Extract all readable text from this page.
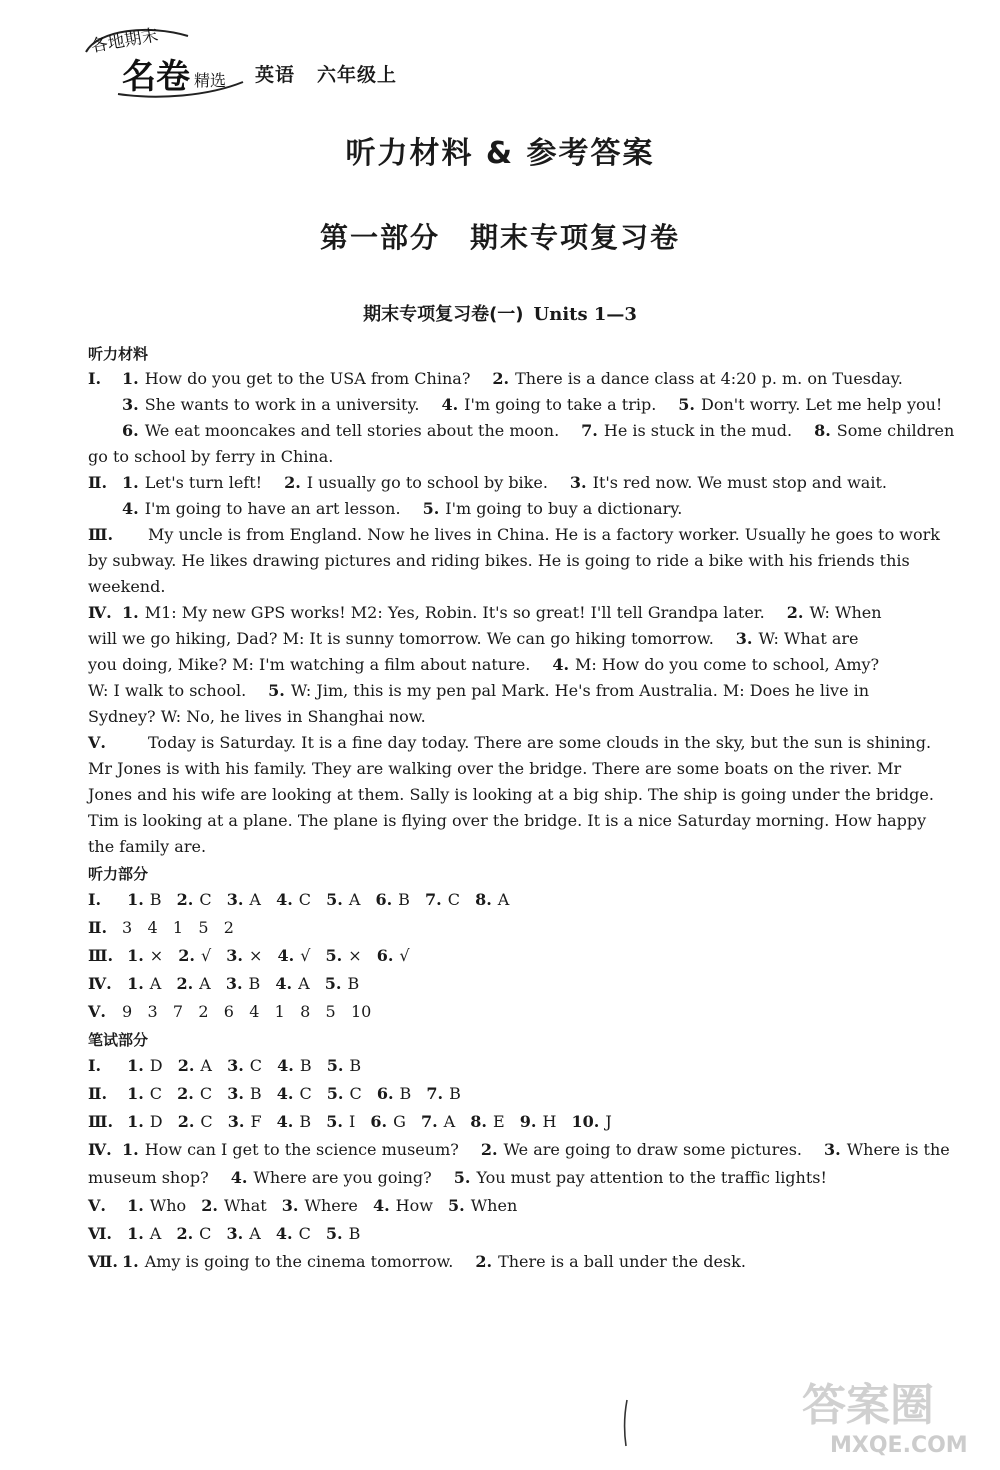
各地期末
名卷 精选 英语 六年级上
听力材料 & 参考答案
第一部分 期末专项复习卷
期末专项复习卷(一) Units 1—3
听力材料

Ⅰ. 1. How do you get to the USA from China? 2. There is a dance class at 4:20 p. m. on Tuesday.

3. She wants to work in a university. 4. I'm going to take a trip. 5. Don't worry. Let me help you!

6. We eat mooncakes and tell stories about the moon. 7. He is stuck in the mud. 8. Some children

go to school by ferry in China.

Ⅱ. 1. Let's turn left! 2. I usually go to school by bike. 3. It's red now. We must stop and wait.

4. I'm going to have an art lesson. 5. I'm going to buy a dictionary.

Ⅲ. My uncle is from England. Now he lives in China. He is a factory worker. Usually he goes to work

by subway. He likes drawing pictures and riding bikes. He is going to ride a bike with his friends this

weekend.

Ⅳ. 1. M1: My new GPS works! M2: Yes, Robin. It's so great! I'll tell Grandpa later. 2. W: When

will we go hiking, Dad? M: It is sunny tomorrow. We can go hiking tomorrow. 3. W: What are

you doing, Mike? M: I'm watching a film about nature. 4. M: How do you come to school, Amy?

W: I walk to school. 5. W: Jim, this is my pen pal Mark. He's from Australia. M: Does he live in

Sydney? W: No, he lives in Shanghai now.

Ⅴ.	Today is Saturday. It is a fine day today. There are some clouds in the sky, but the sun is shining.

Mr Jones is with his family. They are walking over the bridge. There are some boats on the river. Mr

Jones and his wife are looking at them. Sally is looking at a big ship. The ship is going under the bridge.

Tim is looking at a plane. The plane is flying over the bridge. It is a nice Saturday morning. How happy

the family are.

听力部分

Ⅰ. 1. B 2. C 3. A 4. C 5. A 6. B 7. C 8. A

Ⅱ. 3   4   1   5   2

Ⅲ. 1. × 2. √ 3. × 4. √ 5. × 6. √

Ⅳ. 1. A 2. A 3. B 4. A 5. B

Ⅴ. 9   3   7   2   6   4   1   8   5   10

笔试部分

Ⅰ. 1. D 2. A 3. C 4. B 5. B

Ⅱ. 1. C 2. C 3. B 4. C 5. C 6. B 7. B

Ⅲ. 1. D 2. C 3. F 4. B 5. I 6. G 7. A 8. E 9. H 10. J

Ⅳ. 1. How can I get to the science museum? 2. We are going to draw some pictures. 3. Where is the

museum shop? 4. Where are you going? 5. You must pay attention to the traffic lights!

Ⅴ. 1. Who 2. What 3. Where 4. How 5. When

Ⅵ. 1. A 2. C 3. A 4. C 5. B

Ⅶ. 1. Amy is going to the cinema tomorrow. 2. There is a ball under the desk.

答案圈
MXQE.COM
